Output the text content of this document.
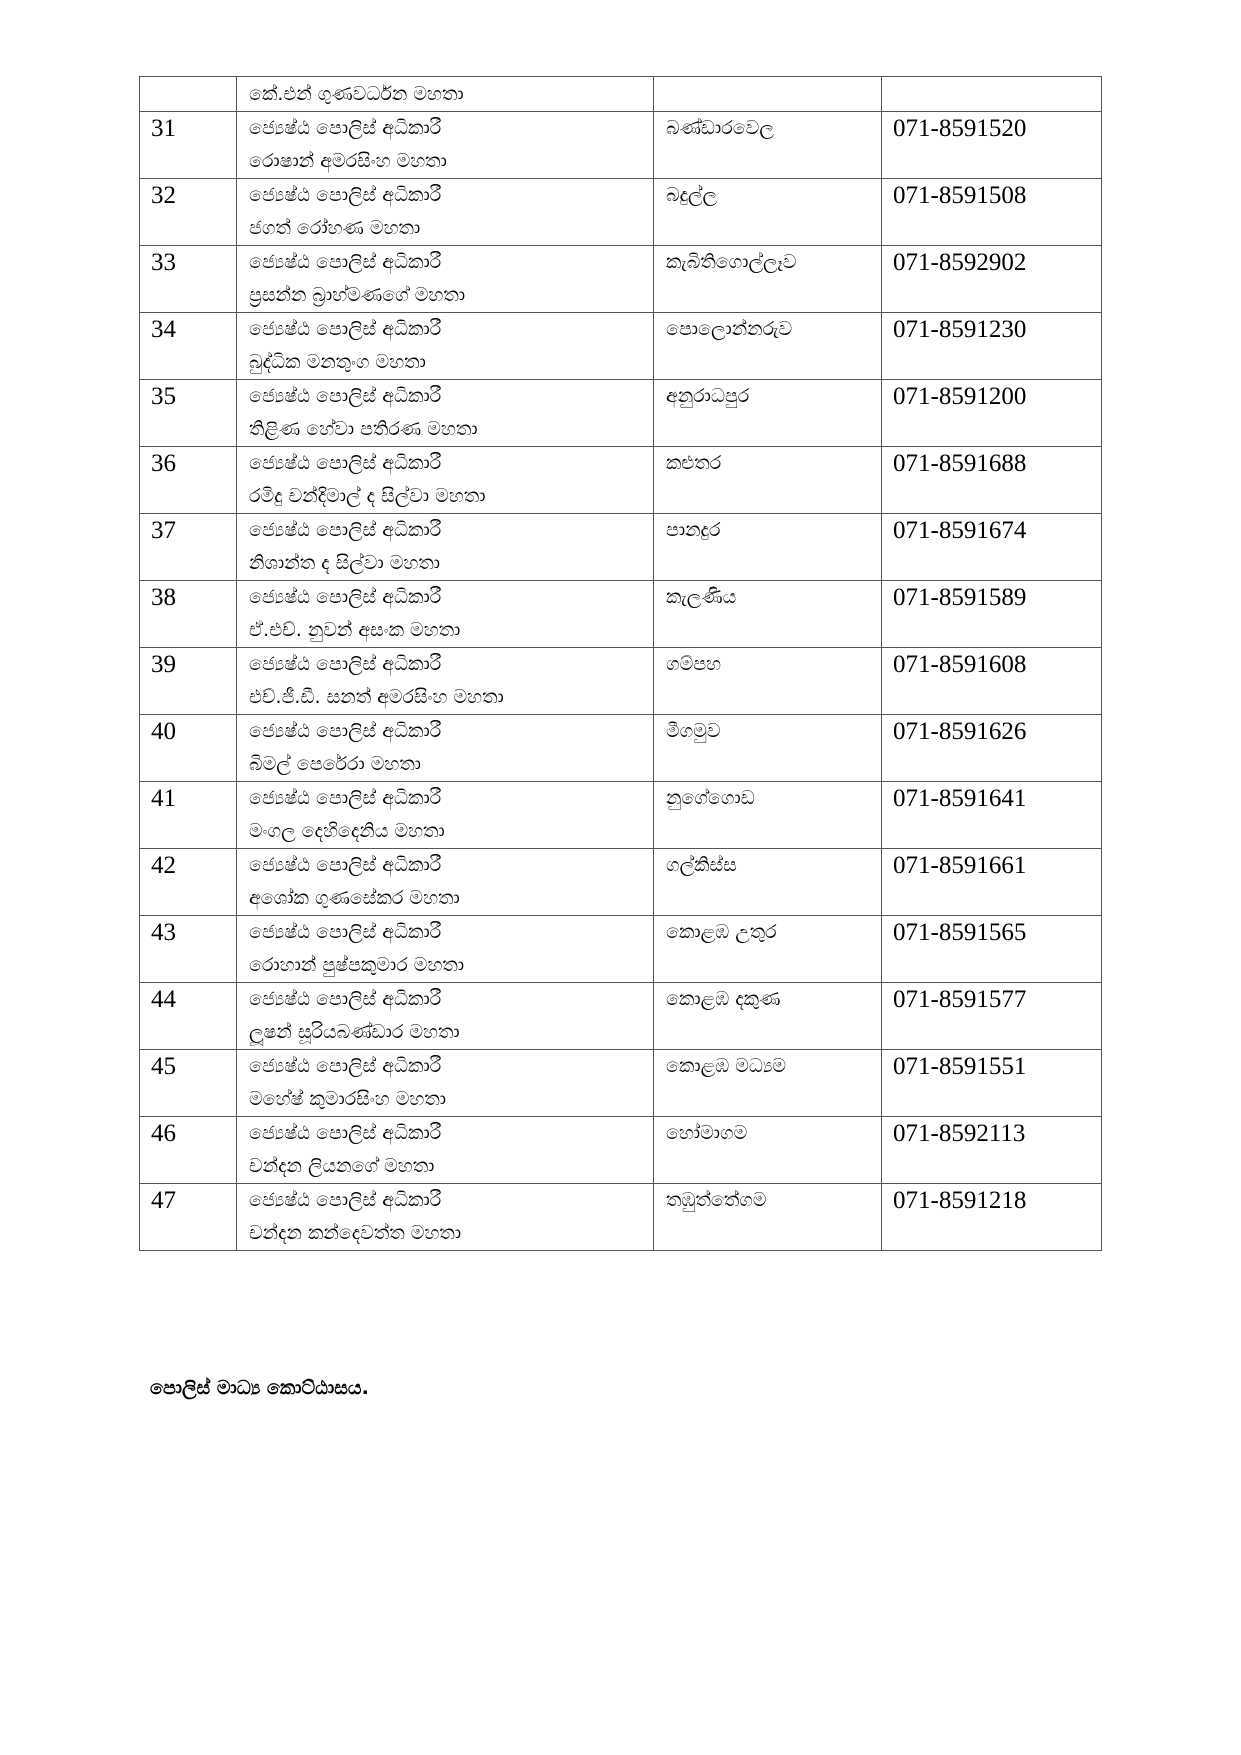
	කේ.එන් ගුණවර්ධන මහතා		

31	ජ්‍යෙෂ්ඨ පොලිස් අධිකාරී
රොෂාන් අමරසිංහ මහතා	බණ්ඩාරවෙල	071-8591520

32	ජ්‍යෙෂ්ඨ පොලිස් අධිකාරී
ජගත් රෝහණ මහතා	බදුල්ල	071-8591508

33	ජ්‍යෙෂ්ඨ පොලිස් අධිකාරී
ප්‍රසන්න බ්‍රාහ්මණගේ මහතා	කැබිතිගොල්ලෑව	071-8592902

34	ජ්‍යෙෂ්ඨ පොලිස් අධිකාරී
බුද්ධික මනතුංග මහතා	පොලොන්නරුව	071-8591230

35	ජ්‍යෙෂ්ඨ පොලිස් අධිකාරී
තිළිණ හේවා පතිරණ මහතා	අනුරාධපුර	071-8591200

36	ජ්‍යෙෂ්ඨ පොලිස් අධිකාරී
රමිදු චන්දිමාල් ද සිල්වා මහතා	කළුතර	071-8591688

37	ජ්‍යෙෂ්ඨ පොලිස් අධිකාරී
නිශාන්ත ද සිල්වා මහතා	පානදුර	071-8591674

38	ජ්‍යෙෂ්ඨ පොලිස් අධිකාරී
ඒ.එච්. නුවන් අසංක මහතා	කැලණිය	071-8591589

39	ජ්‍යෙෂ්ඨ පොලිස් අධිකාරී
එච්.ජී.ඩී. සනත් අමරසිංහ මහතා	ගම්පහ	071-8591608

40	ජ්‍යෙෂ්ඨ පොලිස් අධිකාරී
බිමල් පෙරේරා මහතා	මීගමුව	071-8591626

41	ජ්‍යෙෂ්ඨ පොලිස් අධිකාරී
මංගල දෙහිදෙනිය මහතා	නුගේගොඩ	071-8591641

42	ජ්‍යෙෂ්ඨ පොලිස් අධිකාරී
අශෝක ගුණසේකර මහතා	ගල්කිස්ස	071-8591661

43	ජ්‍යෙෂ්ඨ පොලිස් අධිකාරී
රොහාන් පුෂ්පකුමාර මහතා	කොළඹ උතුර	071-8591565

44	ජ්‍යෙෂ්ඨ පොලිස් අධිකාරී
ලූෂන් සූරියබණ්ඩාර මහතා	කොළඹ දකුණ	071-8591577

45	ජ්‍යෙෂ්ඨ පොලිස් අධිකාරී
මහේෂ් කුමාරසිංහ මහතා	කොළඹ මධ්‍යම	071-8591551

46	ජ්‍යෙෂ්ඨ පොලිස් අධිකාරී
චන්දන ලියනගේ මහතා	හෝමාගම	071-8592113

47	ජ්‍යෙෂ්ඨ පොලිස් අධිකාරී
චන්දන කන්දෙවත්ත මහතා	තඹුත්තේගම	071-8591218
පොලිස් මාධ්‍ය කොට්ඨාසය.
